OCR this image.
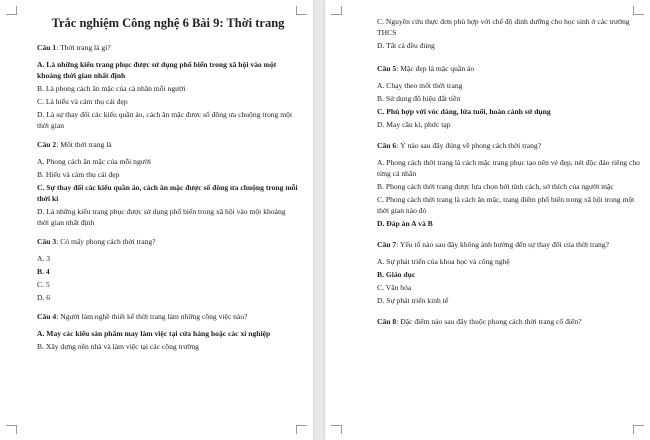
Trắc nghiệm Công nghệ 6 Bài 9: Thời trang
Câu 1: Thời trang là gì?
A. Là những kiểu trang phục được sử dụng phổ biến trong xã hội vào một khoảng thời gian nhất định
B. Là phong cách ăn mặc của cá nhân mỗi người
C. Là hiểu và cảm thụ cái đẹp
D. Là sự thay đổi các kiểu quần áo, cách ăn mặc được số đông ưa chuộng trong một thời gian
Câu 2: Mốt thời trang là
A. Phong cách ăn mặc của mỗi người
B. Hiểu và cảm thụ cái đẹp
C. Sự thay đổi các kiểu quần áo, cách ăn mặc được số đông ưa chuộng trong mỗi thời kì
D. Là những kiểu trang phục được sử dụng phổ biến trong xã hội vào một khoảng thời gian nhất định
Câu 3: Có mấy phong cách thời trang?
A. 3
B. 4
C. 5
D. 6
Câu 4: Người làm nghề thiết kế thời trang làm những công việc nào?
A. May các kiểu sản phẩm may làm việc tại cửa hàng hoặc các xí nghiệp
B. Xây dựng nền nhà và làm việc tại các công trường
C. Nguyên cứu thực đơn phù hợp với chế độ dinh dưỡng cho học sinh ở các trường THCS
D. Tất cả đều đúng
Câu 5: Mặc đẹp là mặc quần áo
A. Chạy theo mốt thời trang
B. Sử dụng đồ hiệu đắt tiền
C. Phù hợp với vóc dáng, lứa tuổi, hoàn cảnh sử dụng
D. May cầu kì, phức tạp
Câu 6: Ý nào sau đây đúng về phong cách thời trang?
A. Phong cách thời trang là cách mặc trang phục tạo nên vẻ đẹp, nét độc đáo riêng cho từng cá nhân
B. Phong cách thời trang được lựa chọn bởi tính cách, sở thích của người mặc
C. Phong cách thời trang là cách ăn mặc, trang điểm phổ biến trong xã hội trong một thời gian nào đó
D. Đáp án A và B
Câu 7: Yếu tố nào sau đây không ảnh hưởng đến sự thay đổi của thời trang?
A. Sự phát triển của khoa học và công nghệ
B. Giáo dục
C. Văn hóa
D. Sự phát triển kinh tế
Câu 8: Đặc điểm nào sau đây thuộc phong cách thời trang cổ điển?
